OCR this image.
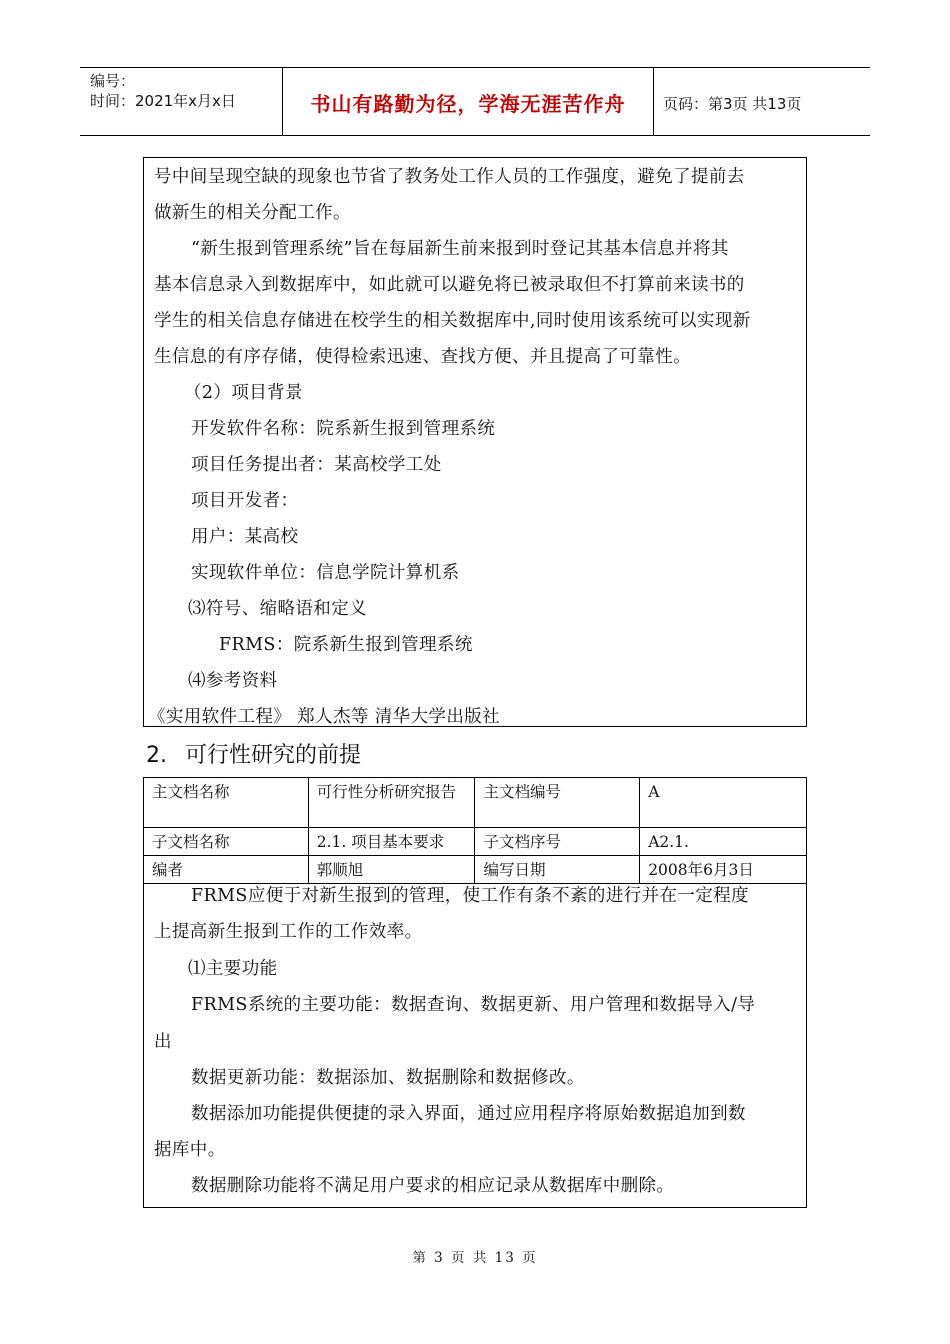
编号：
时间：2021年x月x日	书山有路勤为径，学海无涯苦作舟	页码：第3页 共13页
号中间呈现空缺的现象也节省了教务处工作人员的工作强度，避免了提前去
做新生的相关分配工作。
“新生报到管理系统”旨在每届新生前来报到时登记其基本信息并将其
基本信息录入到数据库中，如此就可以避免将已被录取但不打算前来读书的
学生的相关信息存储进在校学生的相关数据库中,同时使用该系统可以实现新
生信息的有序存储，使得检索迅速、查找方便、并且提高了可靠性。
（2）项目背景
开发软件名称：院系新生报到管理系统
项目任务提出者：某高校学工处
项目开发者：
用户：某高校
实现软件单位：信息学院计算机系
⑶符号、缩略语和定义
FRMS：院系新生报到管理系统
⑷参考资料
《实用软件工程》 郑人杰等 清华大学出版社
2. 可行性研究的前提
主文档名称	可行性分析研究报告	主文档编号	A
子文档名称	2.1. 项目基本要求	子文档序号	A2.1.
编者	郭顺旭	编写日期	2008年6月3日
FRMS应便于对新生报到的管理，使工作有条不紊的进行并在一定程度
上提高新生报到工作的工作效率。
⑴主要功能
FRMS系统的主要功能：数据查询、数据更新、用户管理和数据导入/导
出
数据更新功能：数据添加、数据删除和数据修改。
数据添加功能提供便捷的录入界面，通过应用程序将原始数据追加到数
据库中。
数据删除功能将不满足用户要求的相应记录从数据库中删除。
第 3 页 共 13 页
